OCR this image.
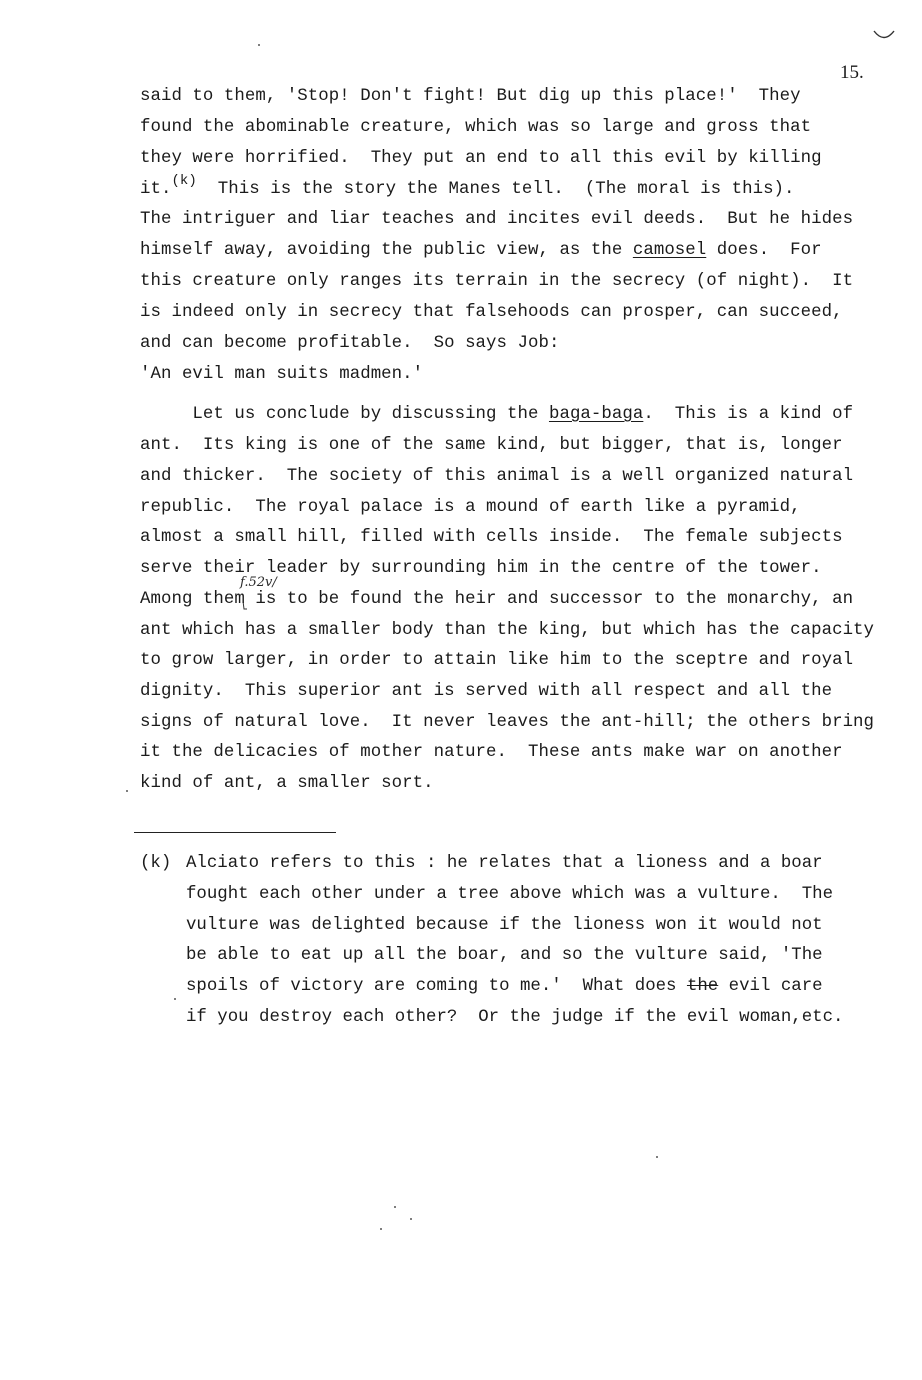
15.
said to them, 'Stop! Don't fight! But dig up this place!'  They
found the abominable creature, which was so large and gross that
they were horrified.  They put an end to all this evil by killing
it.$^{(k)}$  This is the story the Manes tell.  (The moral is this).
The intriguer and liar teaches and incites evil deeds.  But he hides
himself away, avoiding the public view, as the camosel does.  For
this creature only ranges its terrain in the secrecy (of night).  It
is indeed only in secrecy that falsehoods can prosper, can succeed,
and can become profitable.  So says Job:
'An evil man suits madmen.'
Let us conclude by discussing the baga-baga.  This is a kind of
ant.  Its king is one of the same kind, but bigger, that is, longer
and thicker.  The society of this animal is a well organized natural
republic.  The royal palace is a mound of earth like a pyramid,
almost a small hill, filled with cells inside.  The female subjects
serve their leader by surrounding him in the centre of the tower.
f.52v/
Among them is to be found the heir and successor to the monarchy, an
ant which has a smaller body than the king, but which has the capacity
to grow larger, in order to attain like him to the sceptre and royal
dignity.  This superior ant is served with all respect and all the
signs of natural love.  It never leaves the ant-hill; the others bring
it the delicacies of mother nature.  These ants make war on another
kind of ant, a smaller sort.
(k) Alciato refers to this : he relates that a lioness and a boar
fought each other under a tree above which was a vulture.  The
vulture was delighted because if the lioness won it would not
be able to eat up all the boar, and so the vulture said, 'The
spoils of victory are coming to me.'  What does the evil care
if you destroy each other?  Or the judge if the evil woman,etc.
